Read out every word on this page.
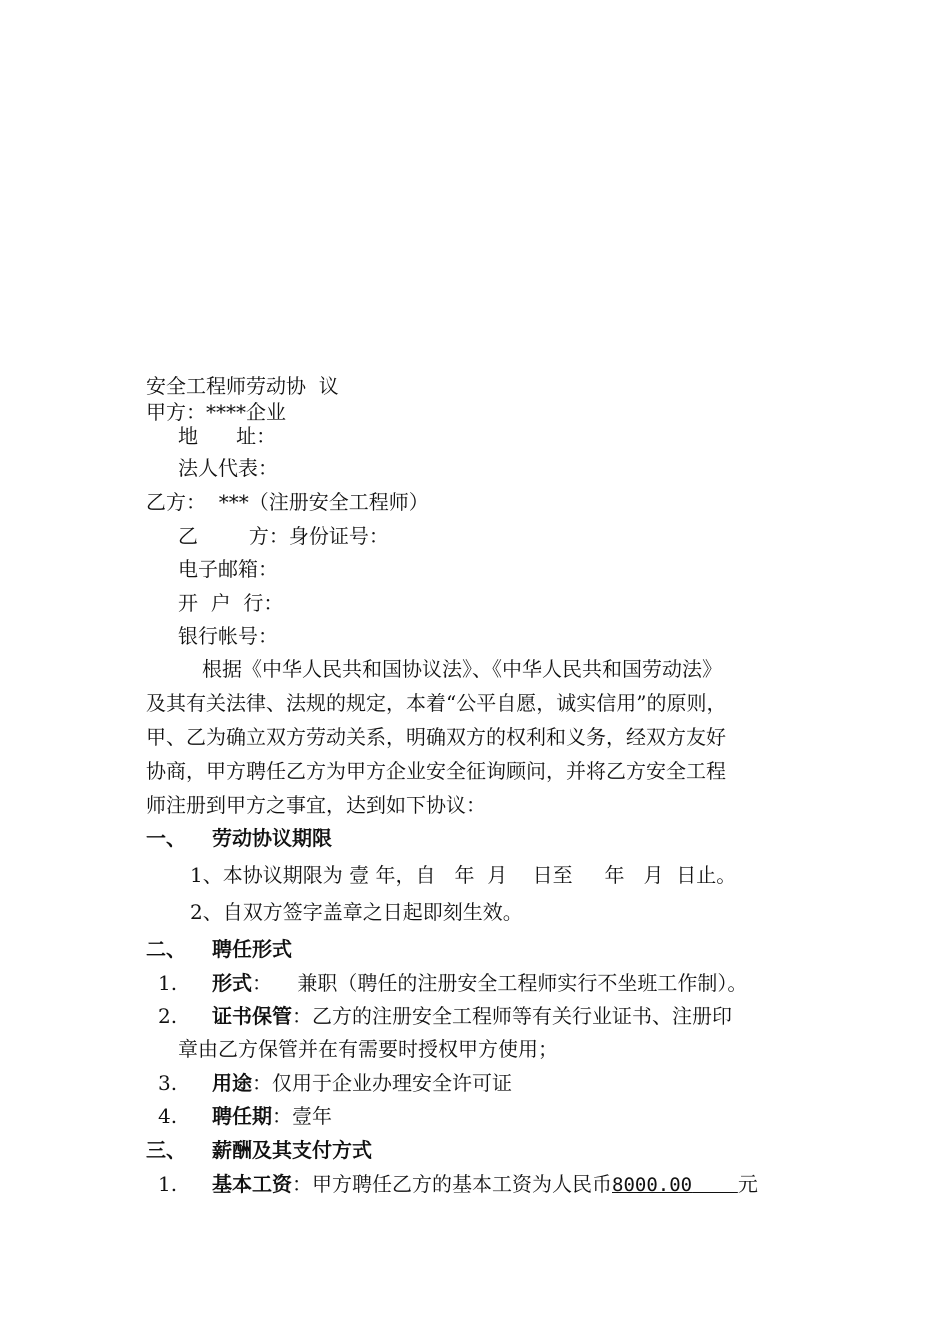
安全工程师劳动协  议
甲方：****企业
地      址：
法人代表：
乙方：  ***（注册安全工程师）
乙        方：身份证号：
电子邮箱：
开  户  行：
银行帐号：
根据《中华人民共和国协议法》、《中华人民共和国劳动法》
及其有关法律、法规的规定，本着“公平自愿，诚实信用”的原则，
甲、乙为确立双方劳动关系，明确双方的权利和义务，经双方友好
协商，甲方聘任乙方为甲方企业安全征询顾问，并将乙方安全工程
师注册到甲方之事宜，达到如下协议：
一、 劳动协议期限
1、本协议期限为 壹 年，自   年  月    日至     年   月  日止。
2、自双方签字盖章之日起即刻生效。
二、 聘任形式
1. 形式：    兼职（聘任的注册安全工程师实行不坐班工作制）。
2. 证书保管：乙方的注册安全工程师等有关行业证书、注册印
章由乙方保管并在有需要时授权甲方使用；
3. 用途：仅用于企业办理安全许可证
4. 聘任期：壹年
三、 薪酬及其支付方式
1. 基本工资：甲方聘任乙方的基本工资为人民币8000.00 元
